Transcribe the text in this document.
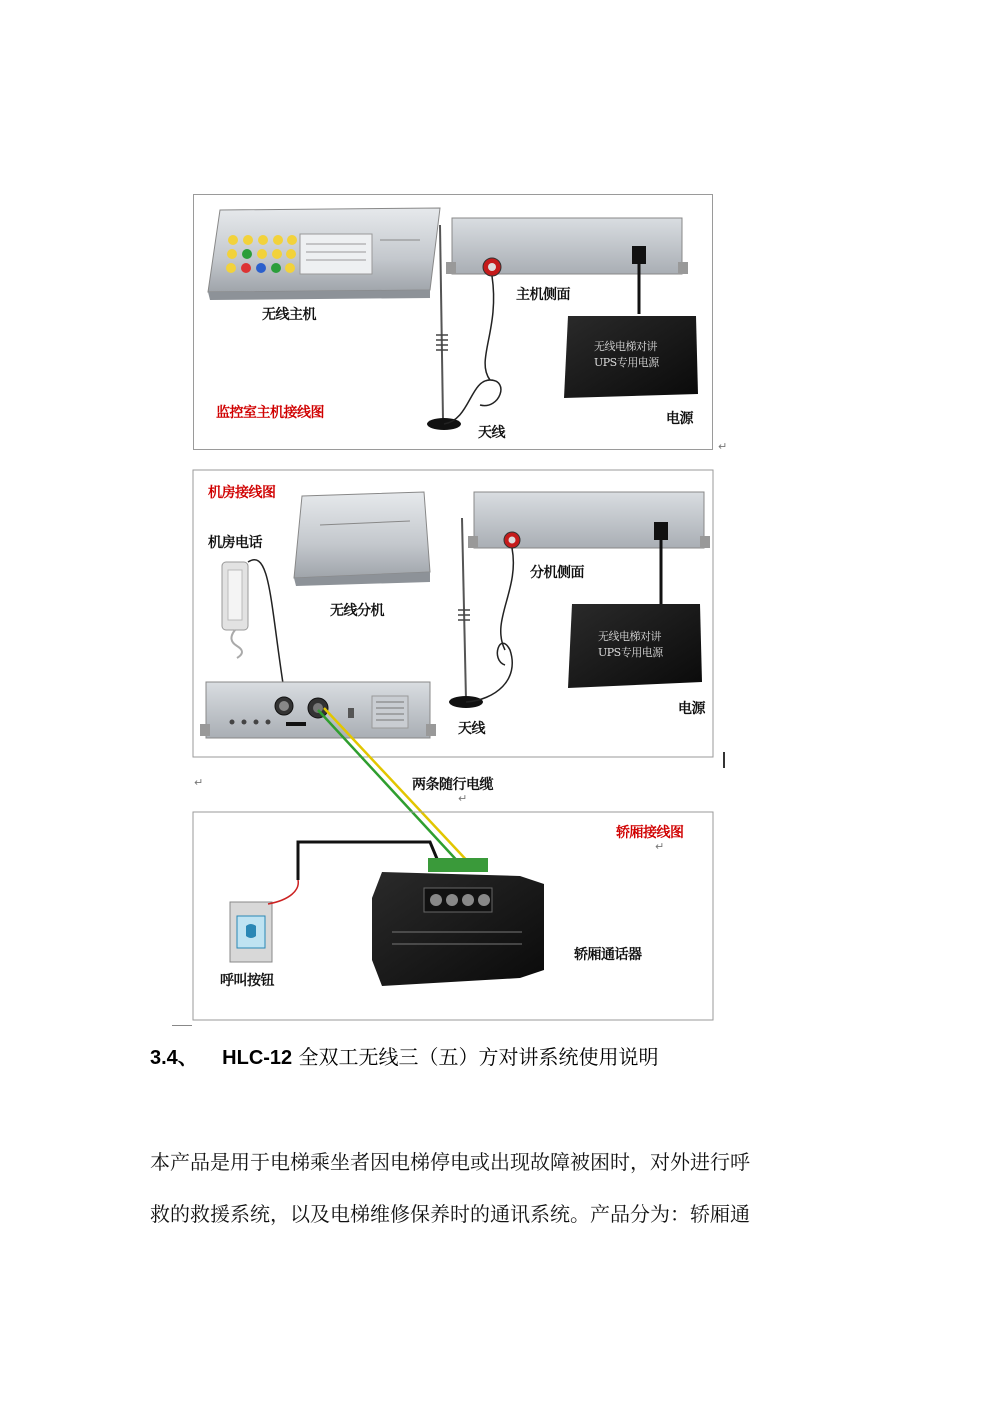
无线电梯对讲
UPS专用电源
无线电梯对讲
UPS专用电源
无线主机
主机侧面
监控室主机接线图
天线
电源
机房接线图
机房电话
无线分机
分机侧面
天线
电源
两条随行电缆
轿厢接线图
呼叫按钮
轿厢通话器
↵
↵
↵
↵
3.4、 HLC-12 全双工无线三（五）方对讲系统使用说明
本产品是用于电梯乘坐者因电梯停电或出现故障被困时，对外进行呼
救的救援系统，以及电梯维修保养时的通讯系统。产品分为：轿厢通
